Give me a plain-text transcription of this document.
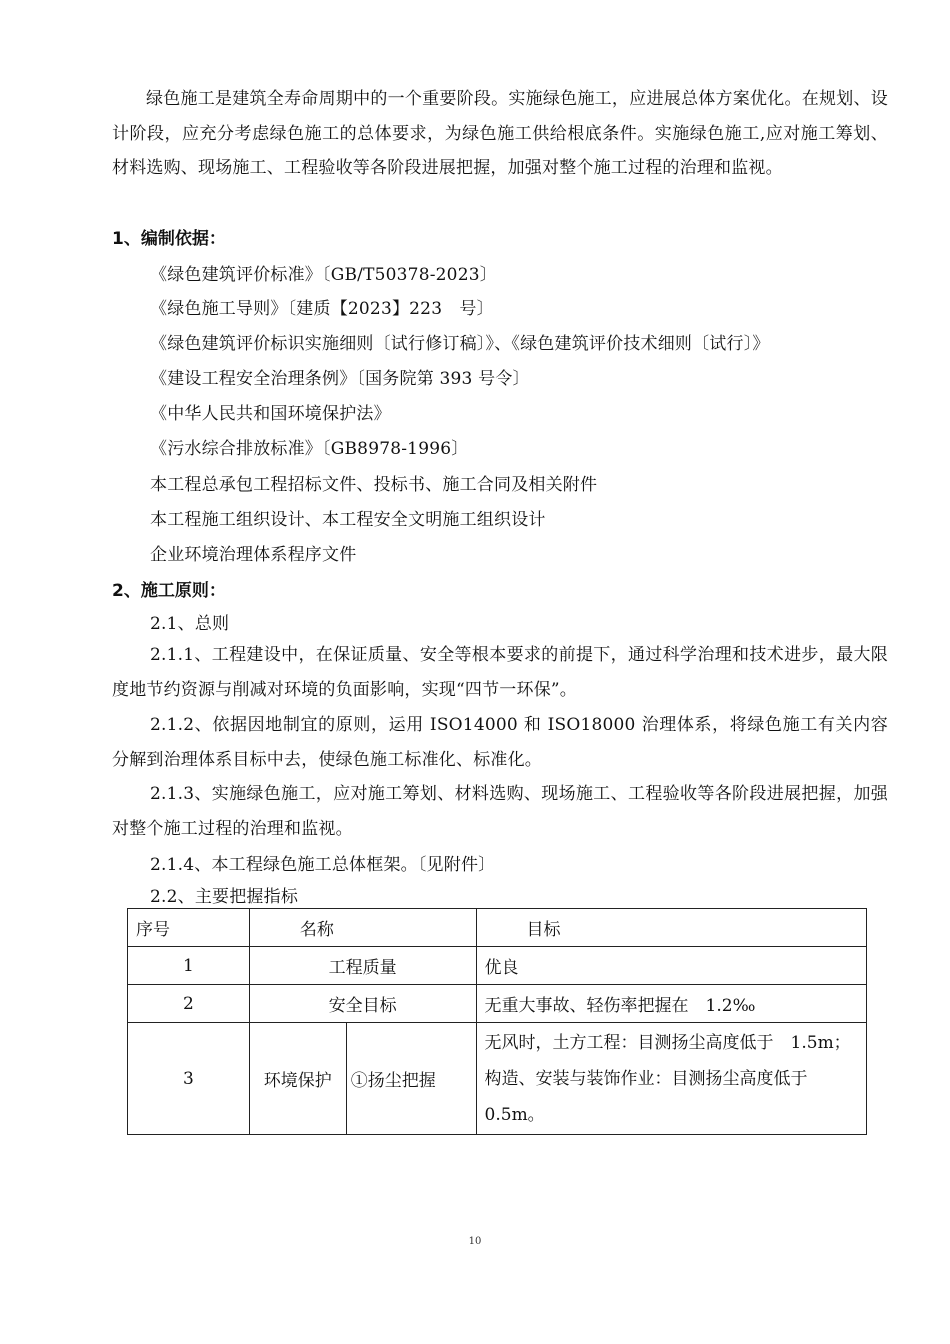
绿色施工是建筑全寿命周期中的一个重要阶段。实施绿色施工，应进展总体方案优化。在规划、设计阶段，应充分考虑绿色施工的总体要求，为绿色施工供给根底条件。实施绿色施工,应对施工筹划、材料选购、现场施工、工程验收等各阶段进展把握，加强对整个施工过程的治理和监视。

1、编制依据：

《绿色建筑评价标准》〔GB/T50378-2023〕

《绿色施工导则》〔建质【2023】223　号〕

《绿色建筑评价标识实施细则〔试行修订稿〕》、《绿色建筑评价技术细则〔试行〕》

《建设工程安全治理条例》〔国务院第 393 号令〕

《中华人民共和国环境保护法》

《污水综合排放标准》〔GB8978-1996〕

本工程总承包工程招标文件、投标书、施工合同及相关附件

本工程施工组织设计、本工程安全文明施工组织设计

企业环境治理体系程序文件

2、施工原则：

2.1、总则

2.1.1、工程建设中，在保证质量、安全等根本要求的前提下，通过科学治理和技术进步，最大限度地节约资源与削减对环境的负面影响，实现“四节一环保”。

2.1.2、依据因地制宜的原则，运用 ISO14000 和 ISO18000 治理体系，将绿色施工有关内容分解到治理体系目标中去，使绿色施工标准化、标准化。

2.1.3、实施绿色施工，应对施工筹划、材料选购、现场施工、工程验收等各阶段进展把握，加强对整个施工过程的治理和监视。

2.1.4、本工程绿色施工总体框架。〔见附件〕

2.2、主要把握指标

序号	名称		目标
1	工程质量		优良
2	安全目标		无重大事故、轻伤率把握在　1.2‰
3	环境保护	①扬尘把握	无风时，土方工程：目测扬尘高度低于　1.5m；构造、安装与装饰作业：目测扬尘高度低于0.5m。
10
